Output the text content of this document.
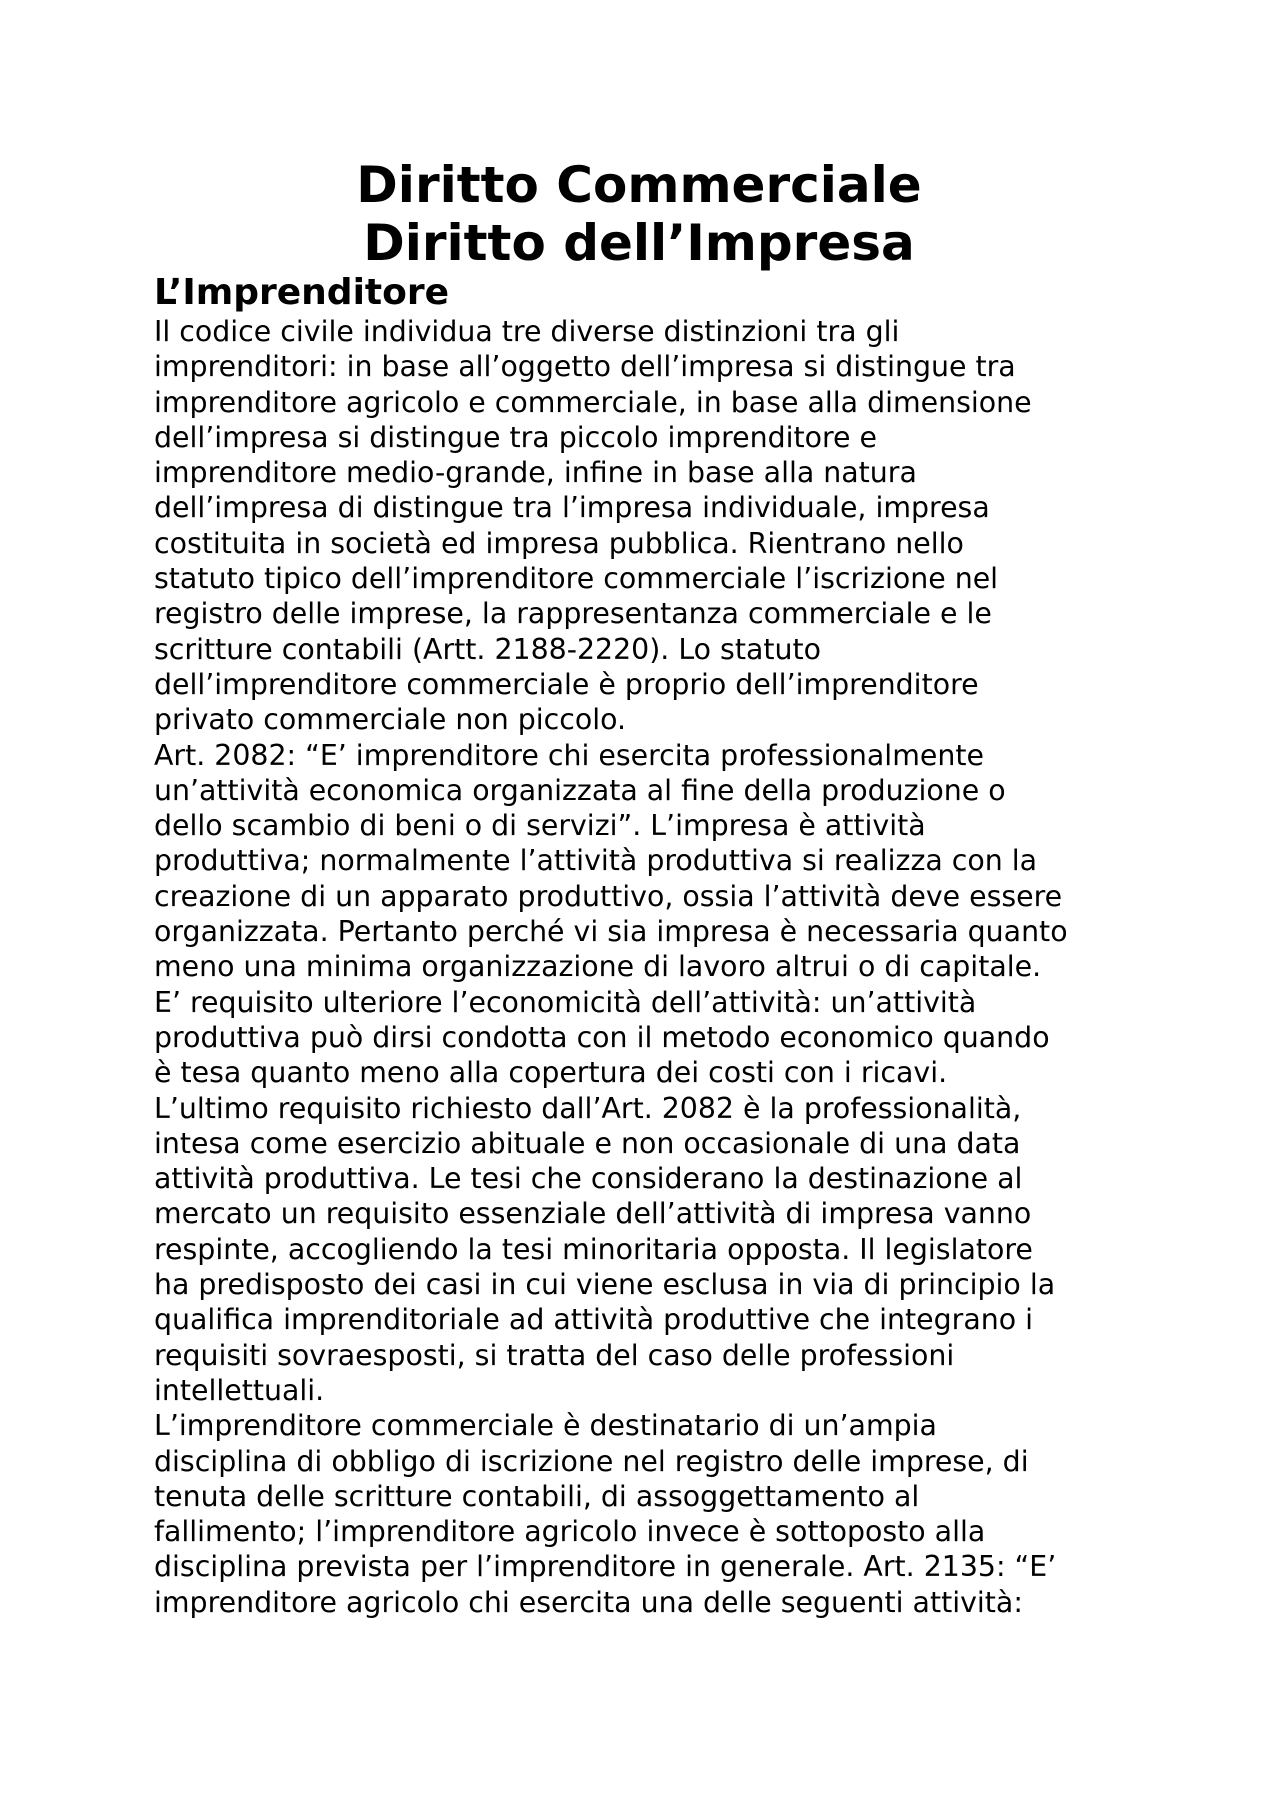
Diritto Commerciale
Diritto dell’Impresa
L’Imprenditore

Il codice civile individua tre diverse distinzioni tra gli
imprenditori: in base all’oggetto dell’impresa si distingue tra
imprenditore agricolo e commerciale, in base alla dimensione
dell’impresa si distingue tra piccolo imprenditore e
imprenditore medio-grande, infine in base alla natura
dell’impresa di distingue tra l’impresa individuale, impresa
costituita in società ed impresa pubblica. Rientrano nello
statuto tipico dell’imprenditore commerciale l’iscrizione nel
registro delle imprese, la rappresentanza commerciale e le
scritture contabili (Artt. 2188-2220). Lo statuto
dell’imprenditore commerciale è proprio dell’imprenditore
privato commerciale non piccolo.

Art. 2082: “E’ imprenditore chi esercita professionalmente
un’attività economica organizzata al fine della produzione o
dello scambio di beni o di servizi”. L’impresa è attività
produttiva; normalmente l’attività produttiva si realizza con la
creazione di un apparato produttivo, ossia l’attività deve essere
organizzata. Pertanto perché vi sia impresa è necessaria quanto
meno una minima organizzazione di lavoro altrui o di capitale.
E’ requisito ulteriore l’economicità dell’attività: un’attività
produttiva può dirsi condotta con il metodo economico quando
è tesa quanto meno alla copertura dei costi con i ricavi.
L’ultimo requisito richiesto dall’Art. 2082 è la professionalità,
intesa come esercizio abituale e non occasionale di una data
attività produttiva. Le tesi che considerano la destinazione al
mercato un requisito essenziale dell’attività di impresa vanno
respinte, accogliendo la tesi minoritaria opposta. Il legislatore
ha predisposto dei casi in cui viene esclusa in via di principio la
qualifica imprenditoriale ad attività produttive che integrano i
requisiti sovraesposti, si tratta del caso delle professioni
intellettuali.

L’imprenditore commerciale è destinatario di un’ampia
disciplina di obbligo di iscrizione nel registro delle imprese, di
tenuta delle scritture contabili, di assoggettamento al
fallimento; l’imprenditore agricolo invece è sottoposto alla
disciplina prevista per l’imprenditore in generale. Art. 2135: “E’
imprenditore agricolo chi esercita una delle seguenti attività:
